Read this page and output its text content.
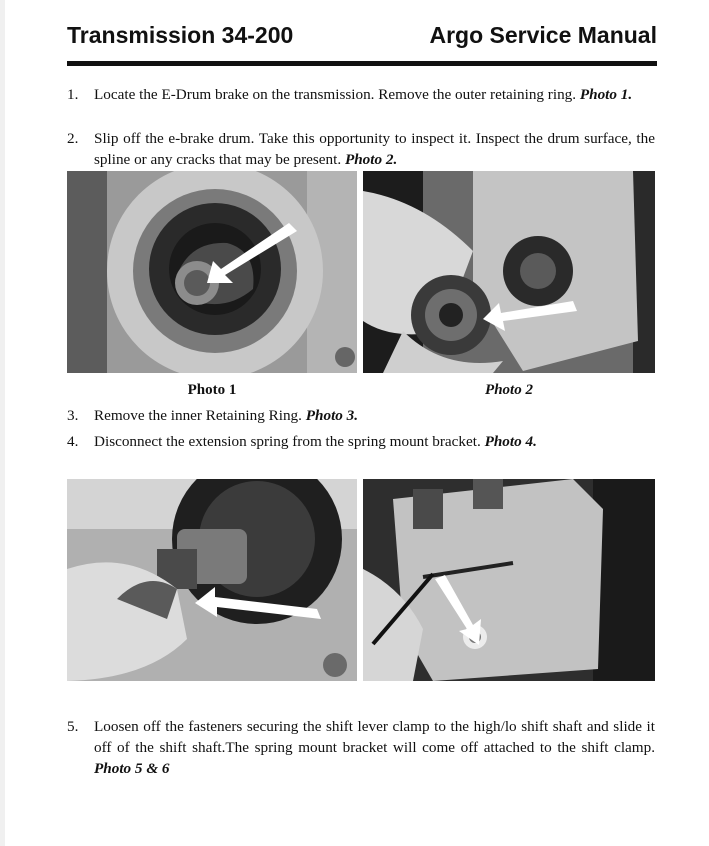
Transmission 34-200	Argo Service Manual
1. Locate the E-Drum brake on the transmission. Remove the outer retaining ring. Photo 1.
2. Slip off the e-brake drum. Take this opportunity to inspect it. Inspect the drum surface, the spline or any cracks that may be present. Photo 2.
Photo 1	Photo 2
3. Remove the inner Retaining Ring. Photo 3.
4. Disconnect the extension spring from the spring mount bracket. Photo 4.
5. Loosen off the fasteners securing the shift lever clamp to the high/lo shift shaft and slide it off of the shift shaft.The spring mount bracket will come off attached to the shift clamp. Photo 5 & 6
